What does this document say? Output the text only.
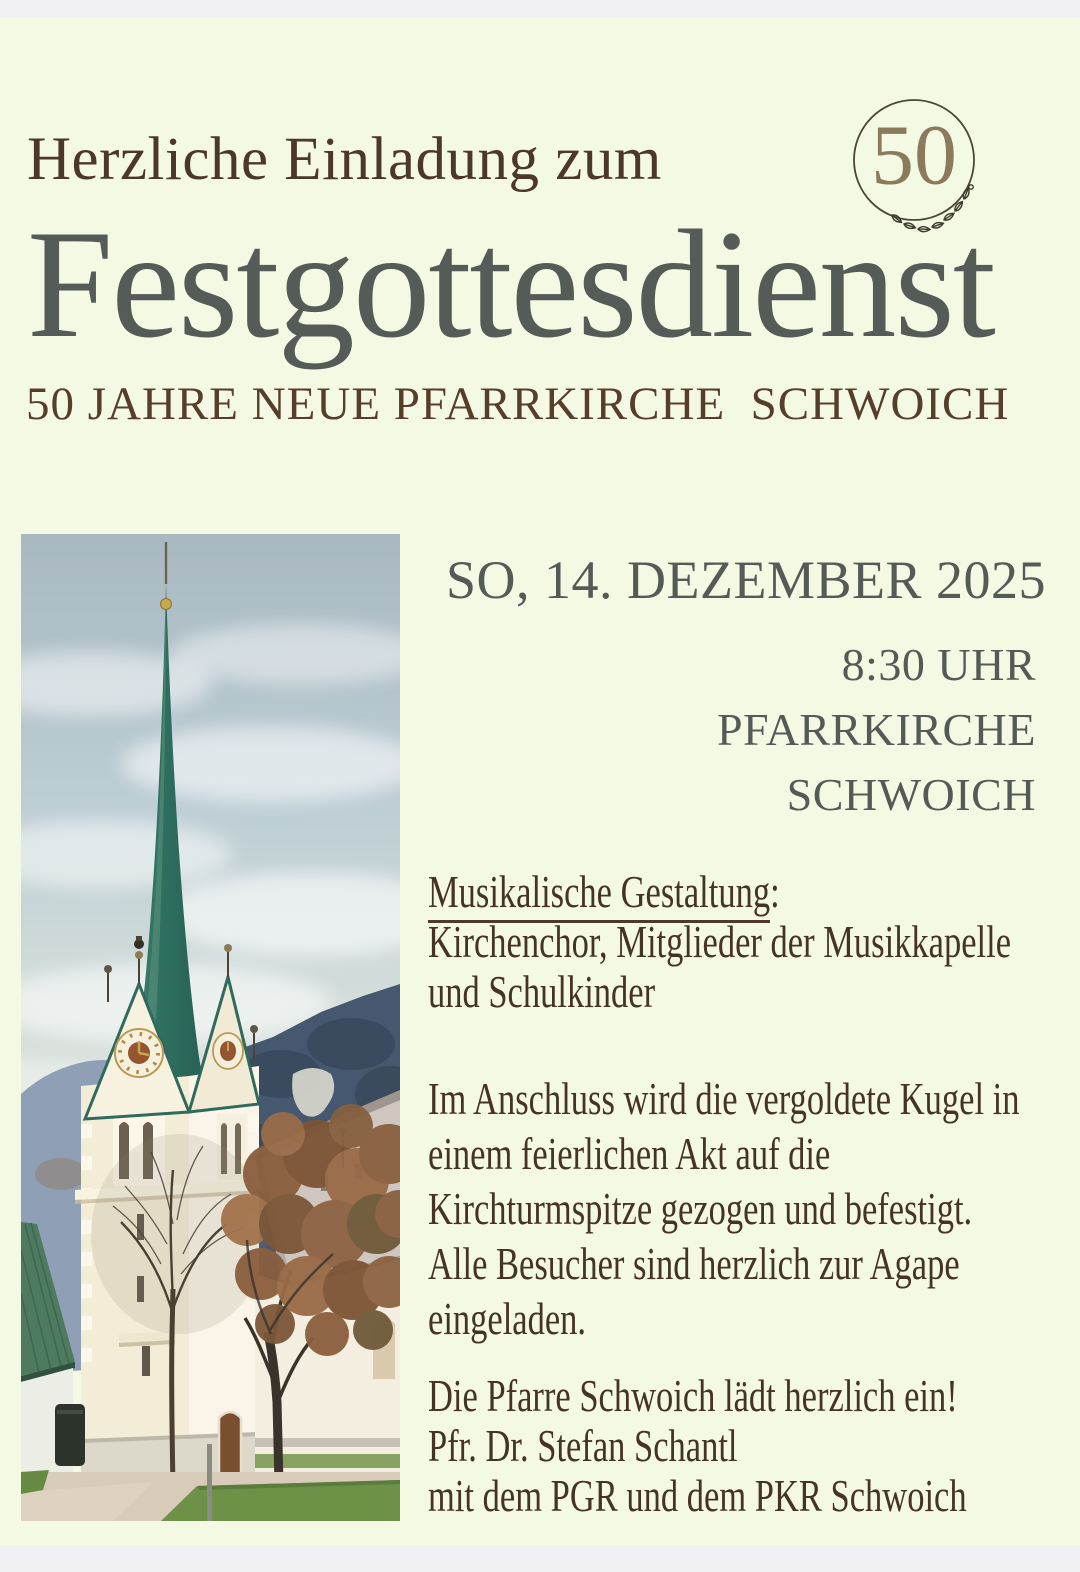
Herzliche Einladung zum 50
Festgottesdienst
50 JAHRE NEUE PFARRKIRCHE  SCHWOICH
SO, 14. DEZEMBER 2025
8:30 UHR
PFARRKIRCHE
SCHWOICH
Musikalische Gestaltung:
Kirchenchor, Mitglieder der Musikkapelle
und Schulkinder
Im Anschluss wird die vergoldete Kugel in
einem feierlichen Akt auf die
Kirchturmspitze gezogen und befestigt.
Alle Besucher sind herzlich zur Agape
eingeladen.
Die Pfarre Schwoich lädt herzlich ein!
Pfr. Dr. Stefan Schantl
mit dem PGR und dem PKR Schwoich
